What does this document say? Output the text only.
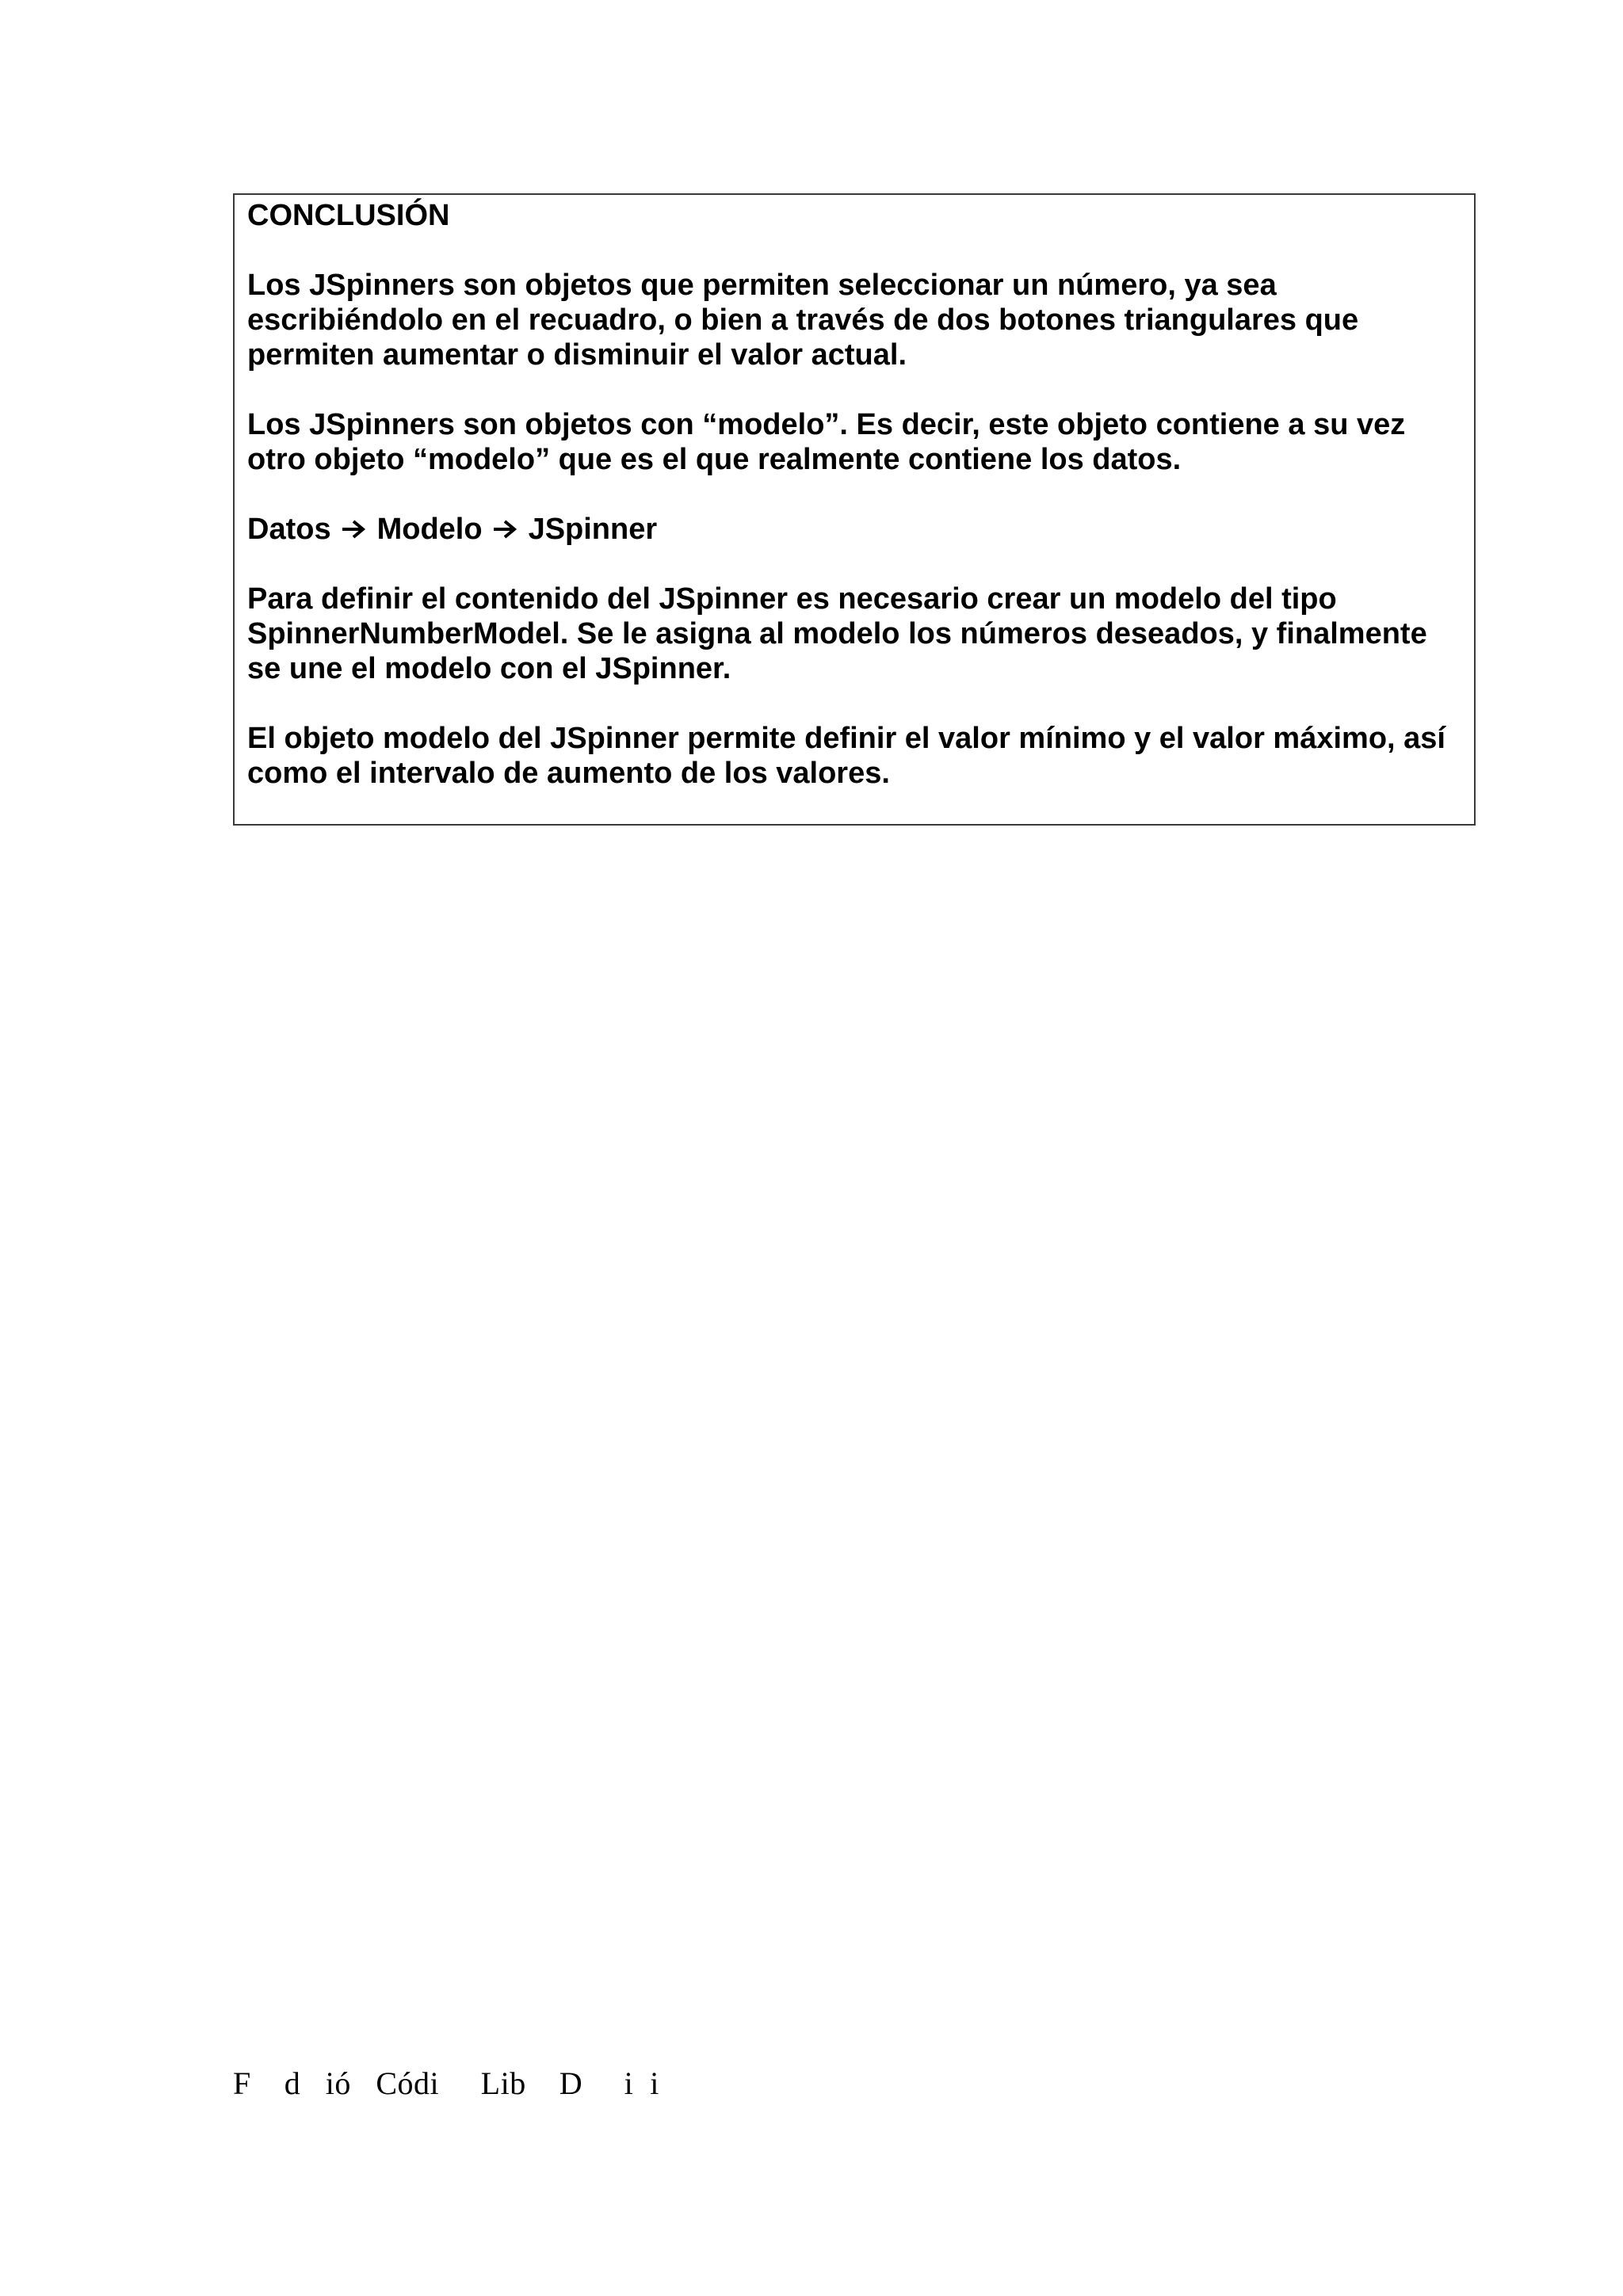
CONCLUSIÓN

Los JSpinners son objetos que permiten seleccionar un número, ya sea escribiéndolo en el recuadro, o bien a través de dos botones triangulares que permiten aumentar o disminuir el valor actual.

Los JSpinners son objetos con “modelo”. Es decir, este objeto contiene a su vez otro objeto “modelo” que es el que realmente contiene los datos.

Datos Modelo JSpinner

Para definir el contenido del JSpinner es necesario crear un modelo del tipo SpinnerNumberModel. Se le asigna al modelo los números deseados, y finalmente se une el modelo con el JSpinner.

El objeto modelo del JSpinner permite definir el valor mínimo y el valor máximo, así como el intervalo de aumento de los valores.

F    d   ió   Códi     Lib    D     i  i
